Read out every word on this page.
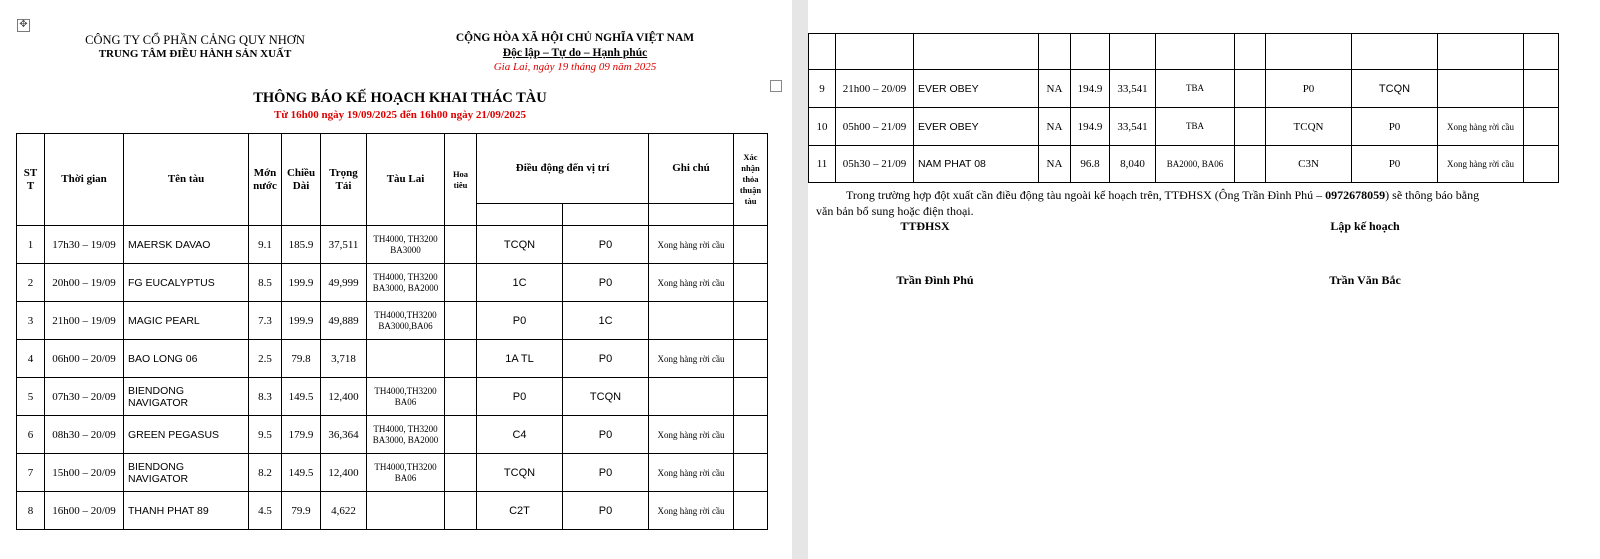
✥
CÔNG TY CỔ PHẦN CẢNG QUY NHƠN
TRUNG TÂM ĐIỀU HÀNH SẢN XUẤT
CỘNG HÒA XÃ HỘI CHỦ NGHĨA VIỆT NAM
Độc lập – Tự do – Hạnh phúc
Gia Lai, ngày 19 tháng 09 năm 2025
THÔNG BÁO KẾ HOẠCH KHAI THÁC TÀU
Từ 16h00 ngày 19/09/2025 đến 16h00 ngày 21/09/2025
ST T	Thời gian	Tên tàu	Mớn nước	Chiều Dài	Trọng Tải	Tàu Lai	Hoa tiêu	Điều động đến vị trí		Ghi chú	Xác nhận thỏa thuận tàu

1	17h30 – 19/09	MAERSK DAVAO	9.1	185.9	37,511	TH4000, TH3200 BA3000		TCQN	P0	Xong hàng rời cầu	
2	20h00 – 19/09	FG EUCALYPTUS	8.5	199.9	49,999	TH4000, TH3200 BA3000, BA2000		1C	P0	Xong hàng rời cầu	
3	21h00 – 19/09	MAGIC PEARL	7.3	199.9	49,889	TH4000,TH3200 BA3000,BA06		P0	1C		
4	06h00 – 20/09	BAO LONG 06	2.5	79.8	3,718			1A TL	P0	Xong hàng rời cầu	
5	07h30 – 20/09	BIENDONG NAVIGATOR	8.3	149.5	12,400	TH4000,TH3200 BA06		P0	TCQN		
6	08h30 – 20/09	GREEN PEGASUS	9.5	179.9	36,364	TH4000, TH3200 BA3000, BA2000		C4	P0	Xong hàng rời cầu	
7	15h00 – 20/09	BIENDONG NAVIGATOR	8.2	149.5	12,400	TH4000,TH3200 BA06		TCQN	P0	Xong hàng rời cầu	
8	16h00 – 20/09	THANH PHAT 89	4.5	79.9	4,622			C2T	P0	Xong hàng rời cầu	

9	21h00 – 20/09	EVER OBEY	NA	194.9	33,541	TBA		P0	TCQN		
10	05h00 – 21/09	EVER OBEY	NA	194.9	33,541	TBA		TCQN	P0	Xong hàng rời cầu	
11	05h30 – 21/09	NAM PHAT 08	NA	96.8	8,040	BA2000, BA06		C3N	P0	Xong hàng rời cầu	
Trong trường hợp đột xuất cần điều động tàu ngoài kế hoạch trên, TTĐHSX (Ông Trần Đình Phú – 0972678059) sẽ thông báo bằng
văn bản bổ sung hoặc điện thoại.
TTĐHSX	Lập kế hoạch
Trần Đình Phú	Trần Văn Bắc
